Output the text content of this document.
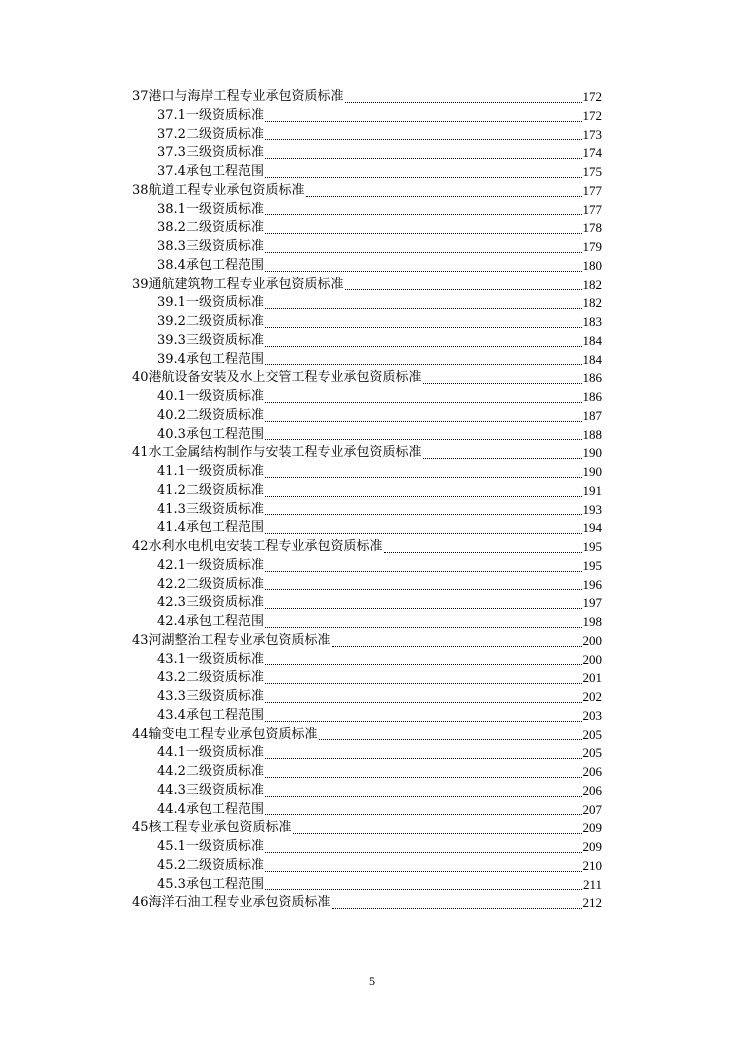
37港口与海岸工程专业承包资质标准	172
37.1一级资质标准	172
37.2二级资质标准	173
37.3三级资质标准	174
37.4承包工程范围	175
38航道工程专业承包资质标准	177
38.1一级资质标准	177
38.2二级资质标准	178
38.3三级资质标准	179
38.4承包工程范围	180
39通航建筑物工程专业承包资质标准	182
39.1一级资质标准	182
39.2二级资质标准	183
39.3三级资质标准	184
39.4承包工程范围	184
40港航设备安装及水上交管工程专业承包资质标准	186
40.1一级资质标准	186
40.2二级资质标准	187
40.3承包工程范围	188
41水工金属结构制作与安装工程专业承包资质标准	190
41.1一级资质标准	190
41.2二级资质标准	191
41.3三级资质标准	193
41.4承包工程范围	194
42水利水电机电安装工程专业承包资质标准	195
42.1一级资质标准	195
42.2二级资质标准	196
42.3三级资质标准	197
42.4承包工程范围	198
43河湖整治工程专业承包资质标准	200
43.1一级资质标准	200
43.2二级资质标准	201
43.3三级资质标准	202
43.4承包工程范围	203
44输变电工程专业承包资质标准	205
44.1一级资质标准	205
44.2二级资质标准	206
44.3三级资质标准	206
44.4承包工程范围	207
45核工程专业承包资质标准	209
45.1一级资质标准	209
45.2二级资质标准	210
45.3承包工程范围	211
46海洋石油工程专业承包资质标准	212
5
